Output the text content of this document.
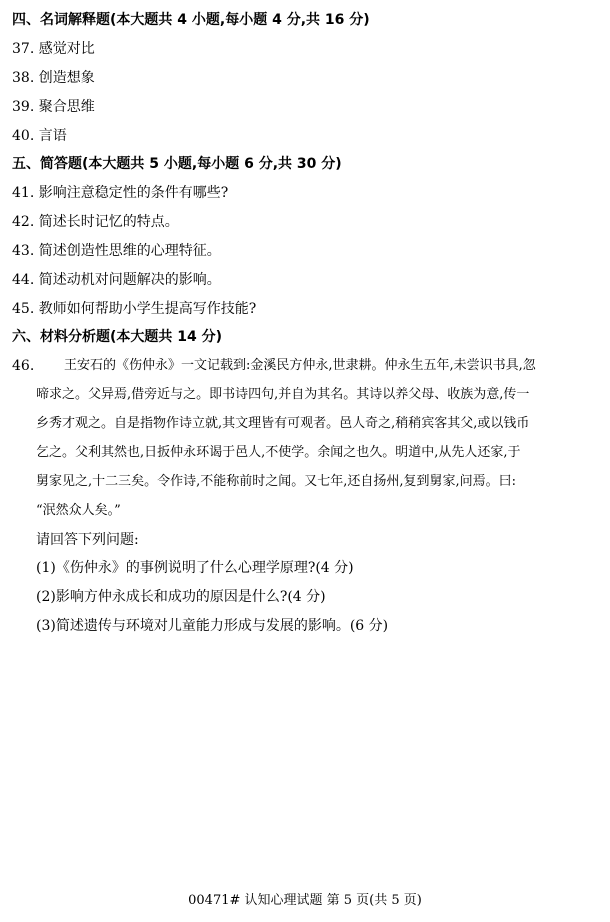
四、名词解释题(本大题共 4 小题,每小题 4 分,共 16 分)
37. 感觉对比
38. 创造想象
39. 聚合思维
40. 言语
五、简答题(本大题共 5 小题,每小题 6 分,共 30 分)
41. 影响注意稳定性的条件有哪些?
42. 简述长时记忆的特点。
43. 简述创造性思维的心理特征。
44. 简述动机对问题解决的影响。
45. 教师如何帮助小学生提高写作技能?
六、材料分析题(本大题共 14 分)
46. 王安石的《伤仲永》一文记载到:金溪民方仲永,世隶耕。仲永生五年,未尝识书具,忽
啼求之。父异焉,借旁近与之。即书诗四句,并自为其名。其诗以养父母、收族为意,传一
乡秀才观之。自是指物作诗立就,其文理皆有可观者。邑人奇之,稍稍宾客其父,或以钱币
乞之。父利其然也,日扳仲永环谒于邑人,不使学。余闻之也久。明道中,从先人还家,于
舅家见之,十二三矣。令作诗,不能称前时之闻。又七年,还自扬州,复到舅家,问焉。曰:
“泯然众人矣。”
请回答下列问题:
(1)《伤仲永》的事例说明了什么心理学原理?(4 分)
(2)影响方仲永成长和成功的原因是什么?(4 分)
(3)简述遗传与环境对儿童能力形成与发展的影响。(6 分)
00471# 认知心理试题 第 5 页(共 5 页)
